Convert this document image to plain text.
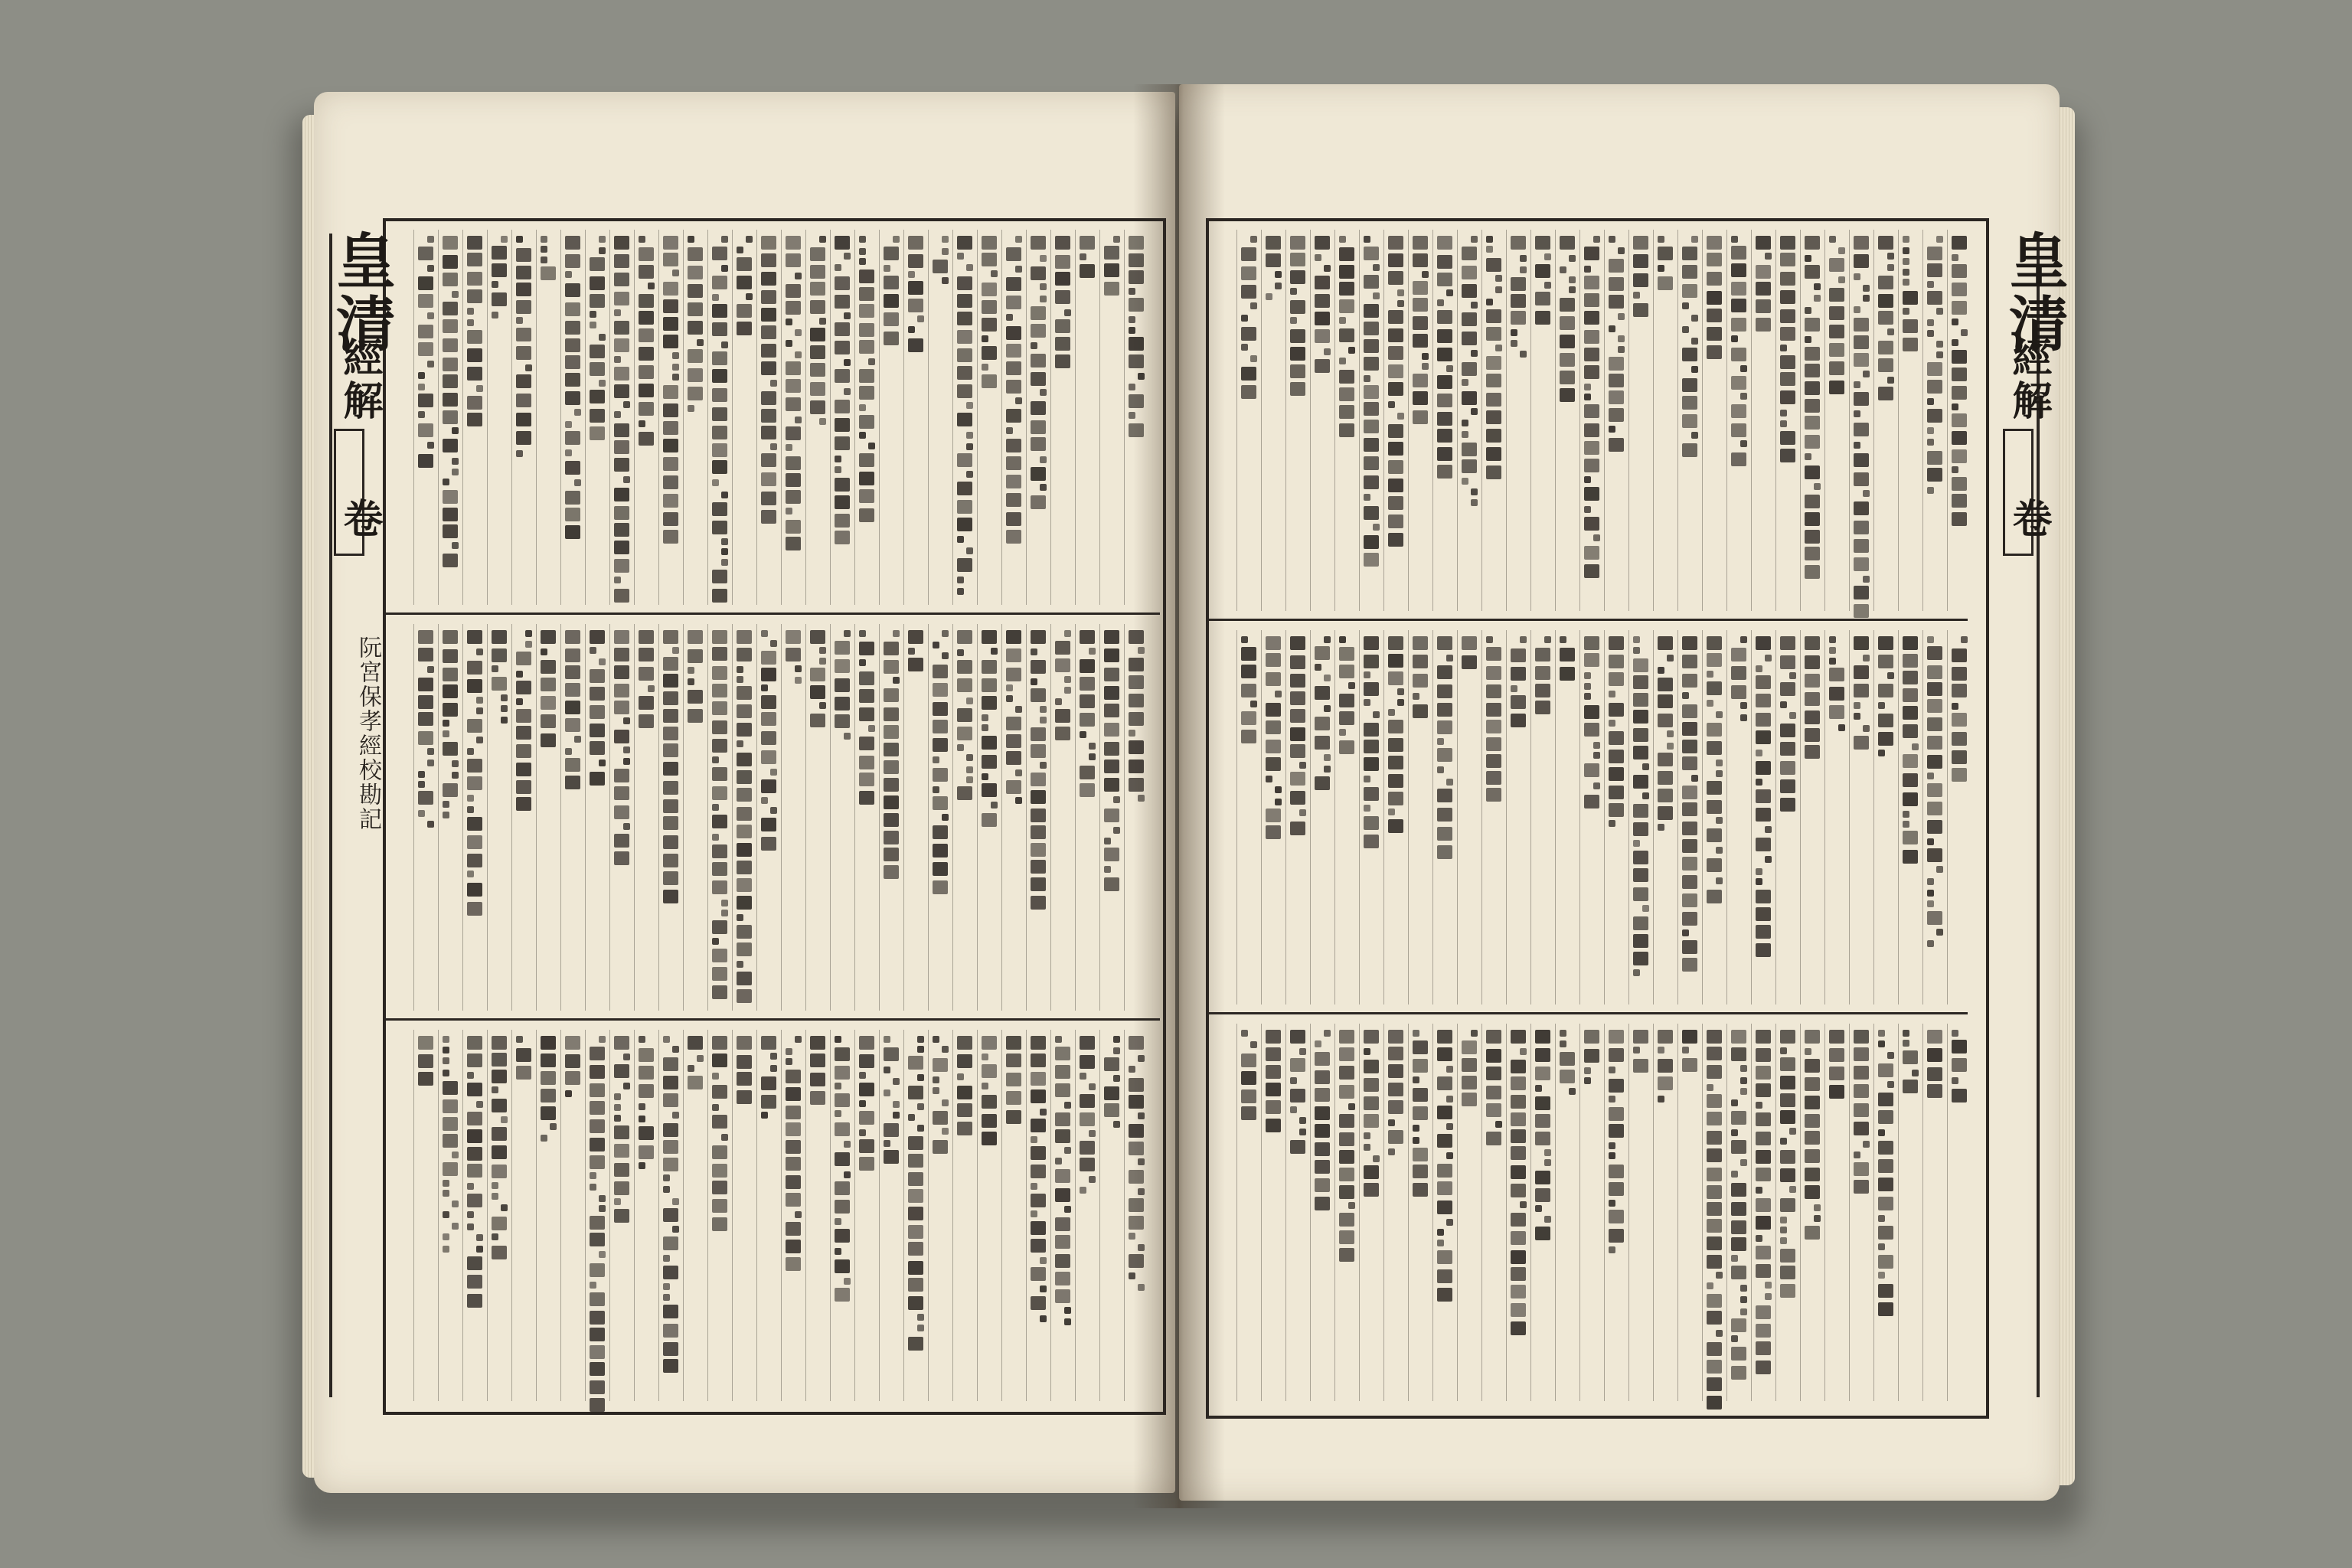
皇清
經解
卷
阮宮保孝經校勘記
皇清
經解
卷
